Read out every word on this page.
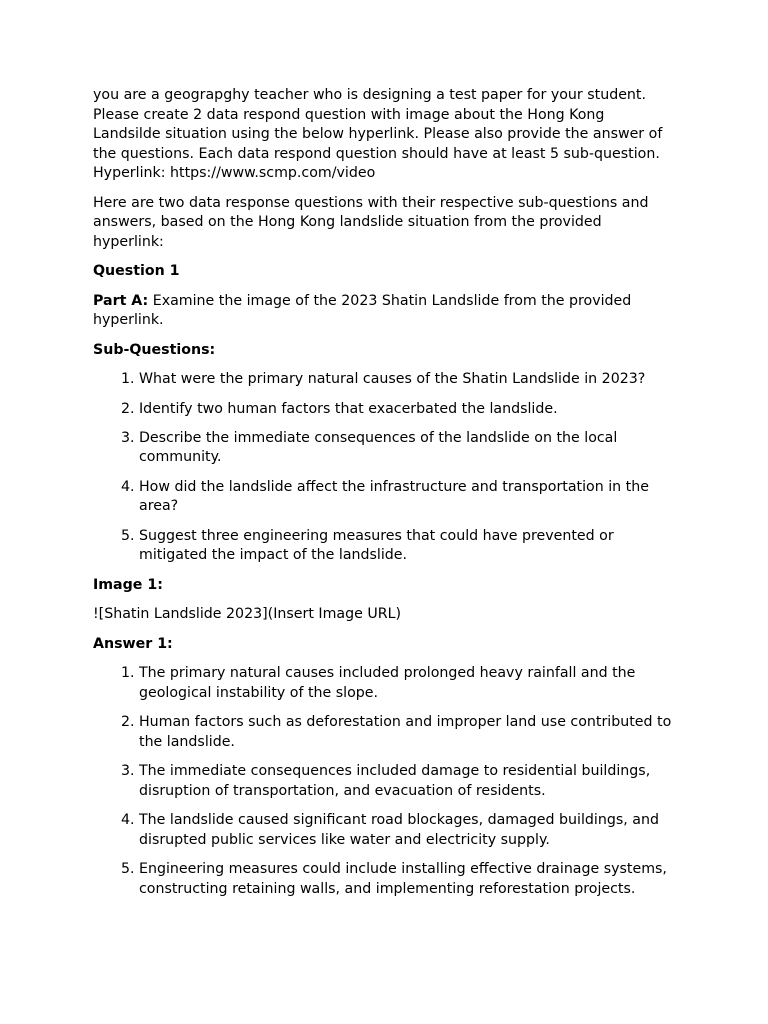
you are a geograpghy teacher who is designing a test paper for your student. Please create 2 data respond question with image about the Hong Kong Landsilde situation using the below hyperlink. Please also provide the answer of the questions. Each data respond question should have at least 5 sub-question. Hyperlink: https://www.scmp.com/video

Here are two data response questions with their respective sub-questions and answers, based on the Hong Kong landslide situation from the provided hyperlink:

Question 1

Part A: Examine the image of the 2023 Shatin Landslide from the provided hyperlink.

Sub-Questions:

1. What were the primary natural causes of the Shatin Landslide in 2023?
2. Identify two human factors that exacerbated the landslide.
3. Describe the immediate consequences of the landslide on the local community.
4. How did the landslide affect the infrastructure and transportation in the area?
5. Suggest three engineering measures that could have prevented or mitigated the impact of the landslide.

Image 1:

![Shatin Landslide 2023](Insert Image URL)

Answer 1:

1. The primary natural causes included prolonged heavy rainfall and the geological instability of the slope.
2. Human factors such as deforestation and improper land use contributed to the landslide.
3. The immediate consequences included damage to residential buildings, disruption of transportation, and evacuation of residents.
4. The landslide caused significant road blockages, damaged buildings, and disrupted public services like water and electricity supply.
5. Engineering measures could include installing effective drainage systems, constructing retaining walls, and implementing reforestation projects.
